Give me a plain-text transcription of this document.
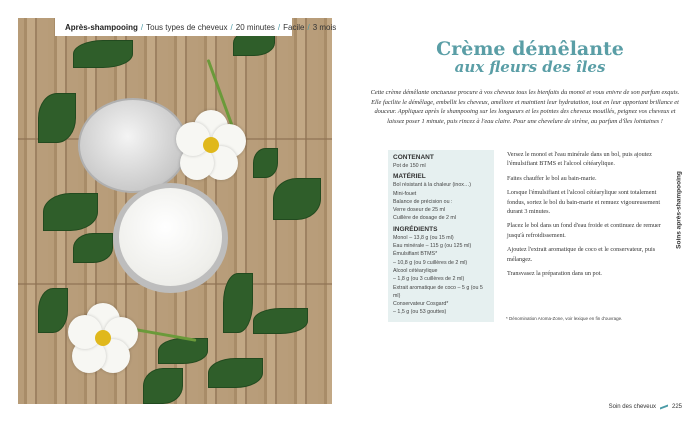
Après-shampooing / Tous types de cheveux / 20 minutes / Facile / 3 mois
Crème démêlante
aux fleurs des îles

Cette crème démêlante onctueuse procure à vos cheveux tous les bienfaits du monoï et vous enivre de son parfum exquis. Elle facilite le démêlage, embellit les cheveux, améliore et maintient leur hydratation, tout en leur apportant brillance et douceur. Appliquez après le shampooing sur les longueurs et les pointes des cheveux mouillés, peignez vos cheveux et laissez poser 1 minute, puis rincez à l'eau claire. Pour une chevelure de sirène, au parfum d'îles lointaines !

CONTENANT
Pot de 150 ml
MATÉRIEL
Bol résistant à la chaleur (inox…)
Mini-fouet
Balance de précision ou :
Verre doseur de 25 ml
Cuillère de dosage de 2 ml
INGRÉDIENTS
Monoï – 13,8 g (ou 15 ml)
Eau minérale – 115 g (ou 125 ml)
Émulsifiant BTMS*
– 10,8 g (ou 9 cuillères de 2 ml)
Alcool cétéarylique
– 1,8 g (ou 3 cuillères de 2 ml)
Extrait aromatique de coco – 5 g (ou 5 ml)
Conservateur Cosgard*
– 1,5 g (ou 53 gouttes)

Versez le monoï et l'eau minérale dans un bol, puis ajoutez l'émulsifiant BTMS et l'alcool cétéarylique.

Faites chauffer le bol au bain-marie.

Lorsque l'émulsifiant et l'alcool cétéarylique sont totalement fondus, sortez le bol du bain-marie et remuez vigoureusement durant 3 minutes.

Placez le bol dans un fond d'eau froide et continuez de remuer jusqu'à refroidissement.

Ajoutez l'extrait aromatique de coco et le conservateur, puis mélangez.

Transvasez la préparation dans un pot.

Soins après-shampooing
* Dénomination Aroma-Zone, voir lexique en fin d'ouvrage.
Soin des cheveux	225
